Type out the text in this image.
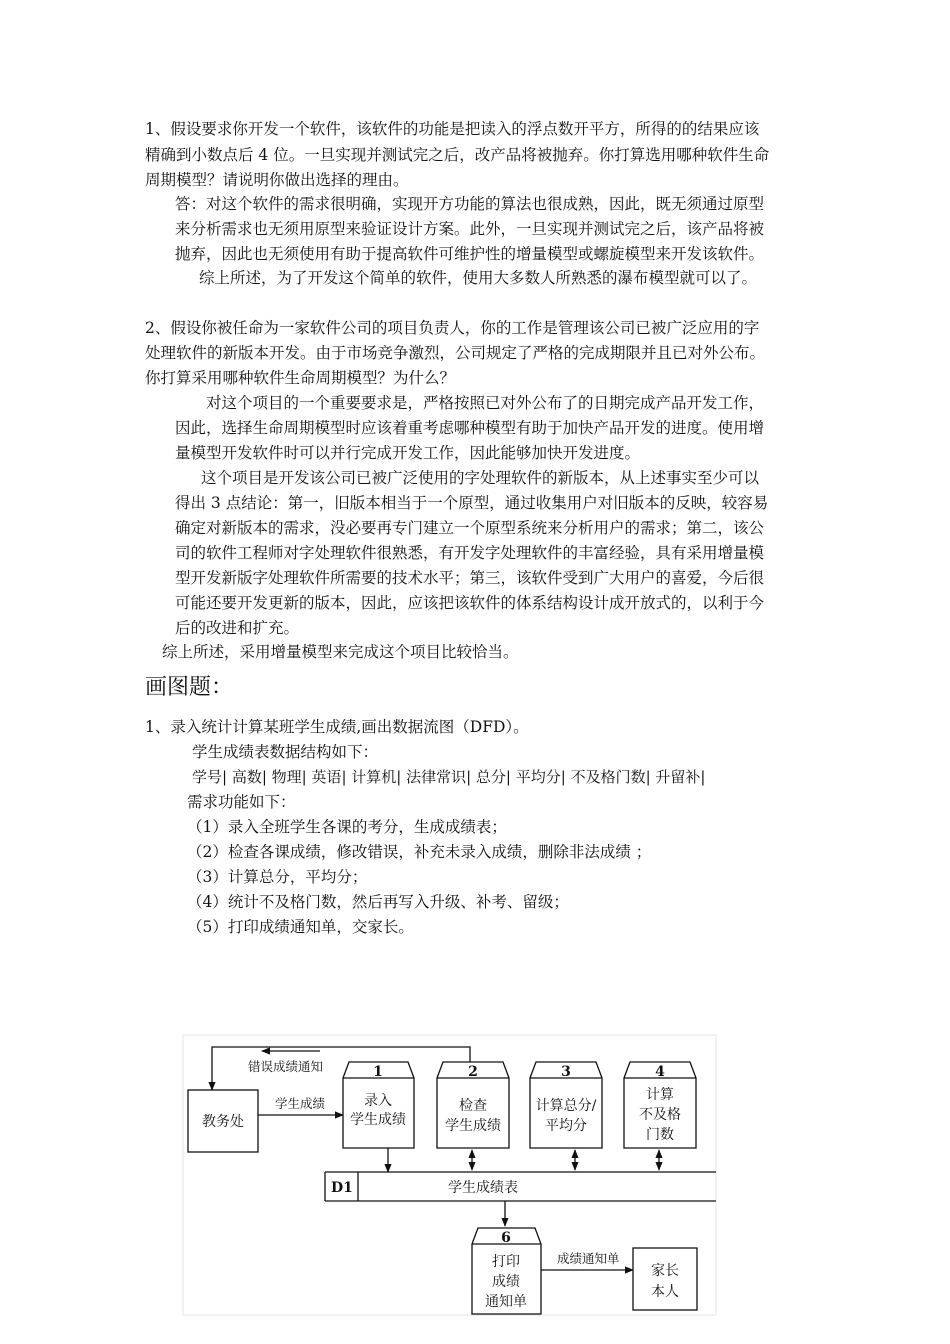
1、假设要求你开发一个软件，该软件的功能是把读入的浮点数开平方，所得的的结果应该
精确到小数点后 4 位。一旦实现并测试完之后，改产品将被抛弃。你打算选用哪种软件生命
周期模型？请说明你做出选择的理由。
答：对这个软件的需求很明确，实现开方功能的算法也很成熟，因此，既无须通过原型
来分析需求也无须用原型来验证设计方案。此外，一旦实现并测试完之后，该产品将被
抛弃，因此也无须使用有助于提高软件可维护性的增量模型或螺旋模型来开发该软件。
综上所述，为了开发这个简单的软件，使用大多数人所熟悉的瀑布模型就可以了。
2、假设你被任命为一家软件公司的项目负责人，你的工作是管理该公司已被广泛应用的字
处理软件的新版本开发。由于市场竞争激烈，公司规定了严格的完成期限并且已对外公布。
你打算采用哪种软件生命周期模型？为什么？
对这个项目的一个重要要求是，严格按照已对外公布了的日期完成产品开发工作，
因此，选择生命周期模型时应该着重考虑哪种模型有助于加快产品开发的进度。使用增
量模型开发软件时可以并行完成开发工作，因此能够加快开发进度。
这个项目是开发该公司已被广泛使用的字处理软件的新版本，从上述事实至少可以
得出 3 点结论：第一，旧版本相当于一个原型，通过收集用户对旧版本的反映，较容易
确定对新版本的需求，没必要再专门建立一个原型系统来分析用户的需求；第二，该公
司的软件工程师对字处理软件很熟悉，有开发字处理软件的丰富经验，具有采用增量模
型开发新版字处理软件所需要的技术水平；第三，该软件受到广大用户的喜爱，今后很
可能还要开发更新的版本，因此，应该把该软件的体系结构设计成开放式的，以利于今
后的改进和扩充。
综上所述，采用增量模型来完成这个项目比较恰当。
画图题：
1、录入统计计算某班学生成绩,画出数据流图（DFD）。
学生成绩表数据结构如下：
学号| 高数| 物理| 英语| 计算机| 法律常识| 总分| 平均分| 不及格门数| 升留补|
需求功能如下：
（1）录入全班学生各课的考分，生成成绩表；
（2）检查各课成绩，修改错误，补充未录入成绩，删除非法成绩 ；
（3）计算总分，平均分；
（4）统计不及格门数，然后再写入升级、补考、留级；
（5）打印成绩通知单，交家长。
错误成绩通知
教务处
学生成绩
1
录入
学生成绩
2
检查
学生成绩
3
计算总分/
平均分
4
计算
不及格
门数
D1	学生成绩表
6
打印
成绩
通知单
成绩通知单
家长
本人
